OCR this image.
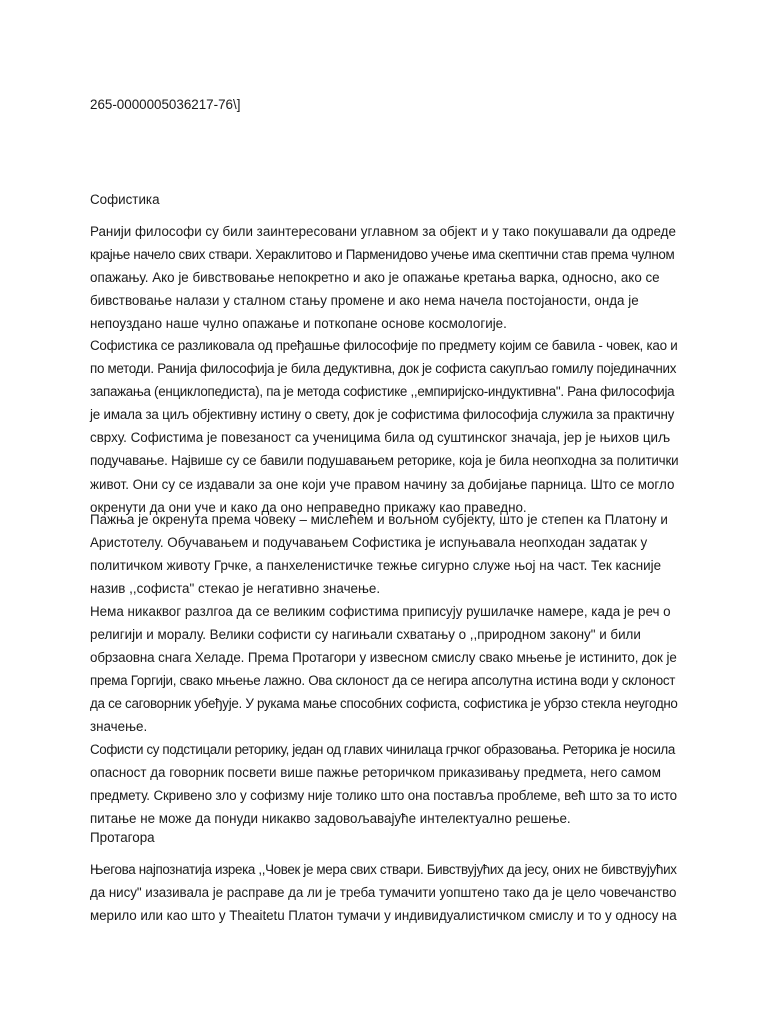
265-0000005036217-76\]

Софистика

Ранији философи су били заинтересовани углавном за објект и у тако покушавали да одреде
крајње начело свих ствари. Хераклитово и Парменидово учење има скептични став према чулном
опажању. Ако је бивствовање непокретно и ако је опажање кретања варка, односно, ако се
бивствовање налази у сталном стању промене и ако нема начела постојаности, онда је
непоуздано наше чулно опажање и поткопане основе космологије.

Софистика се разликовала од пређашње философије по предмету којим се бавила - човек, као и
по методи. Ранија философија је била дедуктивна, док је софиста сакупљао гомилу појединачних
запажања (енциклопедиста), па је метода софистике ,,емпиријско-индуктивна". Рана философија
је имала за циљ објективну истину о свету, док је софистима философија служила за практичну
сврху. Софистима је повезаност са ученицима била од суштинског значаја, јер је њихов циљ
подучавање. Највише су се бавили подушавањем реторике, која је била неопходна за политички
живот. Они су се издавали за оне који уче правом начину за добијање парница. Што се могло
окренути да они уче и како да оно неправедно прикажу као праведно.

Пажња је окренута према човеку – мислећем и вољном субјекту, што је степен ка Платону и
Аристотелу. Обучавањем и подучавањем Софистика је испуњавала неопходан задатак у
политичком животу Грчке, а панхеленистичке тежње сигурно служе њој на част. Тек касније
назив ,,софиста" стекао је негативно значење.

Нема никаквог разлгоа да се великим софистима приписују рушилачке намере, када је реч о
религији и моралу. Велики софисти су нагињали схватању о ,,природном закону" и били
обрзаовна снага Хеладе. Према Протагори у извесном смислу свако мњење је истинито, док је
према Горгији, свако мњење лажно. Ова склоност да се негира апсолутна истина води у склоност
да се саговорник убеђује. У рукама мање способних софиста, софистика је убрзо стекла неугодно
значење.

Софисти су подстицали реторику, један од главих чинилаца грчког образовања. Реторика је носила
опасност да говорник посвети више пажње реторичком приказивању предмета, него самом
предмету. Скривено зло у софизму није толико што она поставља проблеме, већ што за то исто
питање не може да понуди никакво задовољавајуће интелектуално решење.

Протагора

Његова најпознатија изрека ,,Човек је мера свих ствари. Бивствујућих да јесу, оних не бивствујућих
да нису" изазивала је расправе да ли је треба тумачити уопштено тако да је цело човечанство
мерило или као што у Theaitetu Платон тумачи у индивидуалистичком смислу и то у односу на
